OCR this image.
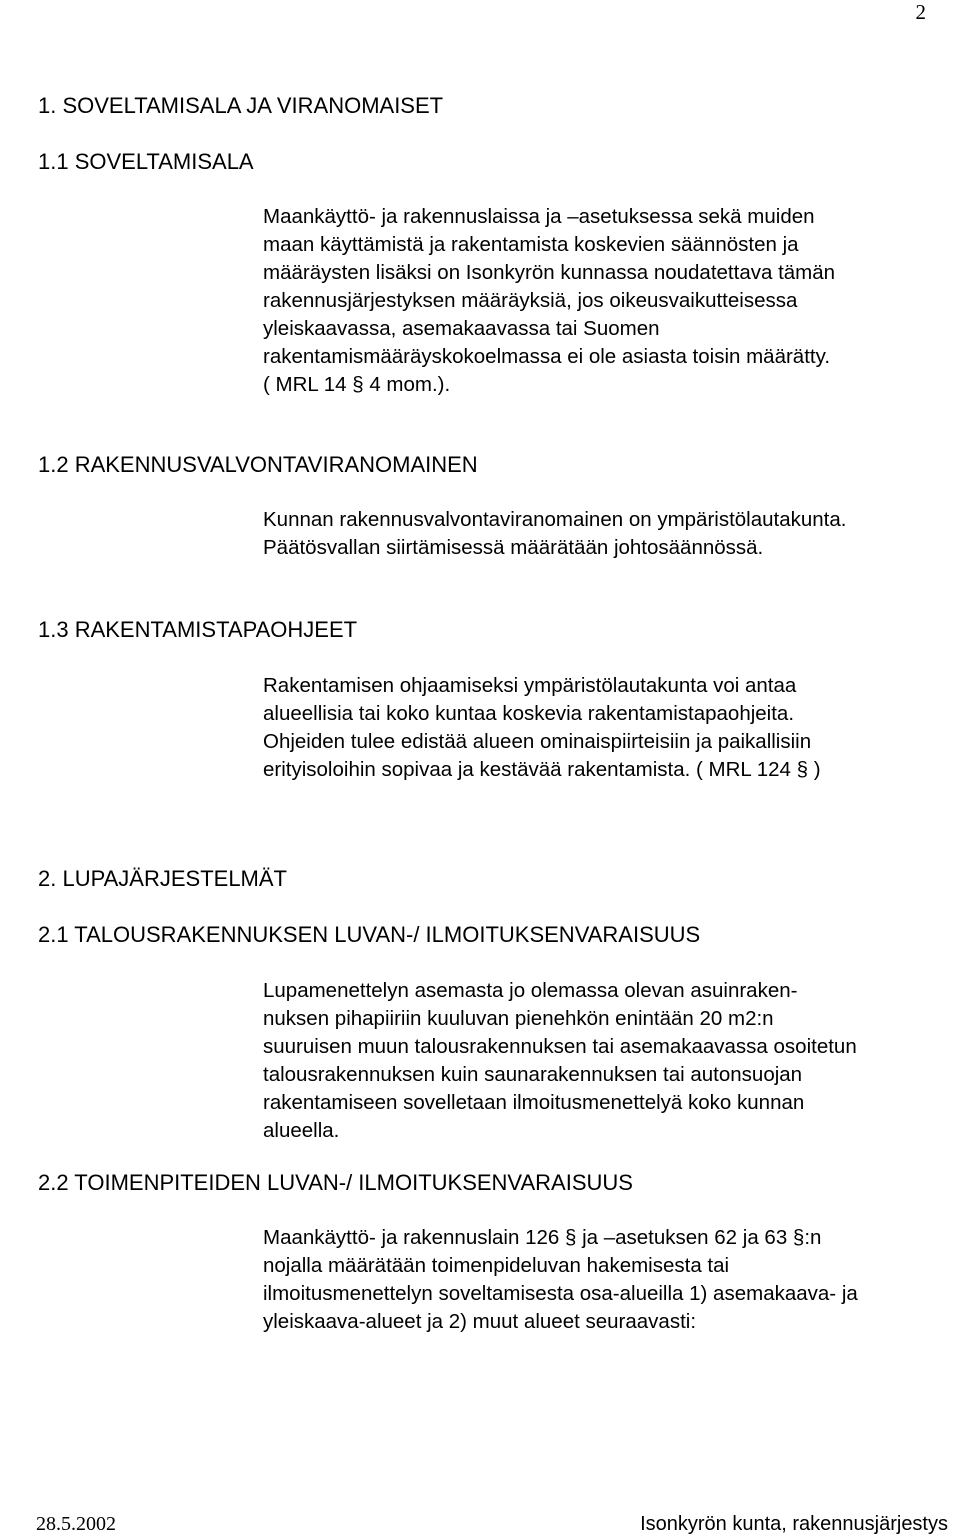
2
1. SOVELTAMISALA JA VIRANOMAISET
1.1 SOVELTAMISALA
Maankäyttö- ja rakennuslaissa ja –asetuksessa sekä muiden
maan käyttämistä ja rakentamista koskevien säännösten ja
määräysten lisäksi on Isonkyrön kunnassa noudatettava tämän
rakennusjärjestyksen määräyksiä, jos oikeusvaikutteisessa
yleiskaavassa, asemakaavassa tai Suomen
rakentamismääräyskokoelmassa ei ole asiasta toisin määrätty.
( MRL 14 § 4 mom.).
1.2 RAKENNUSVALVONTAVIRANOMAINEN
Kunnan rakennusvalvontaviranomainen on ympäristölautakunta.
Päätösvallan siirtämisessä määrätään johtosäännössä.
1.3 RAKENTAMISTAPAOHJEET
Rakentamisen ohjaamiseksi ympäristölautakunta voi antaa
alueellisia tai koko kuntaa koskevia rakentamistapaohjeita.
Ohjeiden tulee edistää alueen ominaispiirteisiin ja paikallisiin
erityisoloihin sopivaa ja kestävää rakentamista. ( MRL 124 § )
2. LUPAJÄRJESTELMÄT
2.1 TALOUSRAKENNUKSEN LUVAN-/ ILMOITUKSENVARAISUUS
Lupamenettelyn asemasta jo olemassa olevan asuinraken-
nuksen pihapiiriin kuuluvan pienehkön enintään 20 m2:n
suuruisen muun talousrakennuksen tai asemakaavassa osoitetun
talousrakennuksen kuin saunarakennuksen tai autonsuojan
rakentamiseen sovelletaan ilmoitusmenettelyä koko kunnan
alueella.
2.2 TOIMENPITEIDEN LUVAN-/ ILMOITUKSENVARAISUUS
Maankäyttö- ja rakennuslain 126 § ja –asetuksen 62 ja 63 §:n
nojalla määrätään toimenpideluvan hakemisesta tai
ilmoitusmenettelyn soveltamisesta osa-alueilla 1) asemakaava- ja
yleiskaava-alueet ja 2) muut alueet seuraavasti:
28.5.2002	Isonkyrön kunta, rakennusjärjestys
